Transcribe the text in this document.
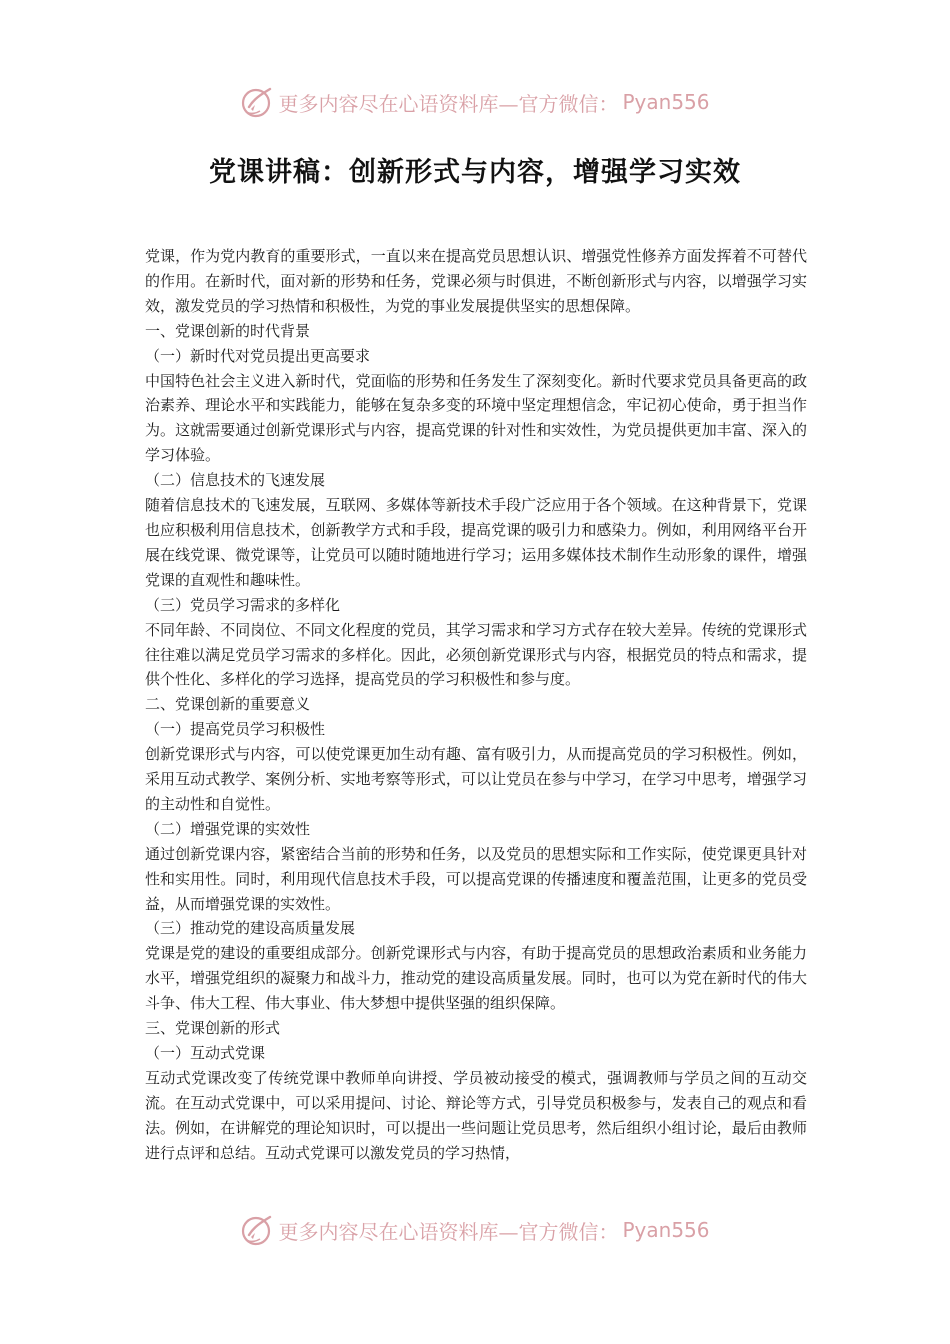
更多内容尽在心语资料库—官方微信： Pyan556
党课讲稿：创新形式与内容，增强学习实效

党课，作为党内教育的重要形式，一直以来在提高党员思想认识、增强党性修养方面发挥着不可替代的作用。在新时代，面对新的形势和任务，党课必须与时俱进，不断创新形式与内容，以增强学习实效，激发党员的学习热情和积极性，为党的事业发展提供坚实的思想保障。

一、党课创新的时代背景

（一）新时代对党员提出更高要求

中国特色社会主义进入新时代，党面临的形势和任务发生了深刻变化。新时代要求党员具备更高的政治素养、理论水平和实践能力，能够在复杂多变的环境中坚定理想信念，牢记初心使命，勇于担当作为。这就需要通过创新党课形式与内容，提高党课的针对性和实效性，为党员提供更加丰富、深入的学习体验。

（二）信息技术的飞速发展

随着信息技术的飞速发展，互联网、多媒体等新技术手段广泛应用于各个领域。在这种背景下，党课也应积极利用信息技术，创新教学方式和手段，提高党课的吸引力和感染力。例如，利用网络平台开展在线党课、微党课等，让党员可以随时随地进行学习；运用多媒体技术制作生动形象的课件，增强党课的直观性和趣味性。

（三）党员学习需求的多样化

不同年龄、不同岗位、不同文化程度的党员，其学习需求和学习方式存在较大差异。传统的党课形式往往难以满足党员学习需求的多样化。因此，必须创新党课形式与内容，根据党员的特点和需求，提供个性化、多样化的学习选择，提高党员的学习积极性和参与度。

二、党课创新的重要意义

（一）提高党员学习积极性

创新党课形式与内容，可以使党课更加生动有趣、富有吸引力，从而提高党员的学习积极性。例如，采用互动式教学、案例分析、实地考察等形式，可以让党员在参与中学习，在学习中思考，增强学习的主动性和自觉性。

（二）增强党课的实效性

通过创新党课内容，紧密结合当前的形势和任务，以及党员的思想实际和工作实际，使党课更具针对性和实用性。同时，利用现代信息技术手段，可以提高党课的传播速度和覆盖范围，让更多的党员受益，从而增强党课的实效性。

（三）推动党的建设高质量发展

党课是党的建设的重要组成部分。创新党课形式与内容，有助于提高党员的思想政治素质和业务能力水平，增强党组织的凝聚力和战斗力，推动党的建设高质量发展。同时，也可以为党在新时代的伟大斗争、伟大工程、伟大事业、伟大梦想中提供坚强的组织保障。

三、党课创新的形式

（一）互动式党课

互动式党课改变了传统党课中教师单向讲授、学员被动接受的模式，强调教师与学员之间的互动交流。在互动式党课中，可以采用提问、讨论、辩论等方式，引导党员积极参与，发表自己的观点和看法。例如，在讲解党的理论知识时，可以提出一些问题让党员思考，然后组织小组讨论，最后由教师进行点评和总结。互动式党课可以激发党员的学习热情，

更多内容尽在心语资料库—官方微信： Pyan556
